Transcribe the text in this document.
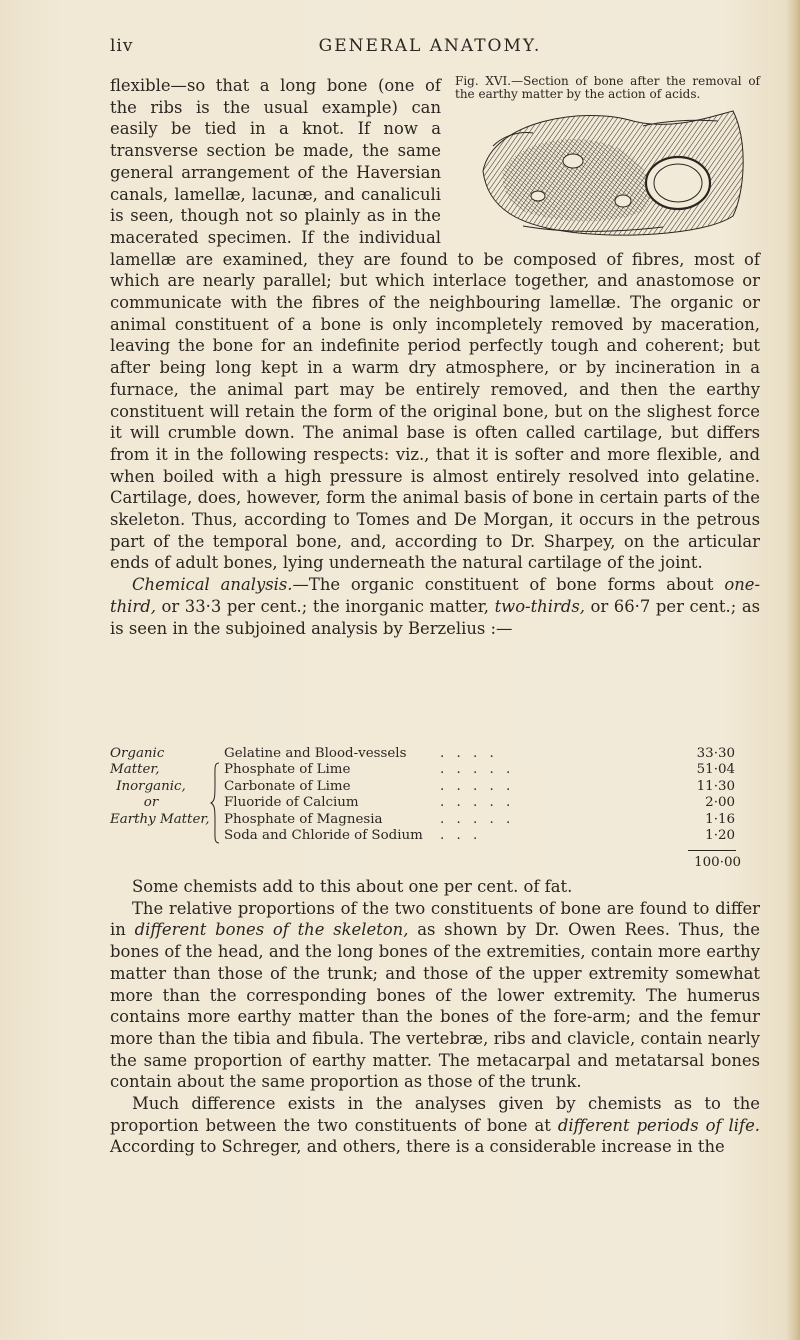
liv	GENERAL ANATOMY.

Fig. XVI.—Section of bone after the removal of the earthy matter by the action of acids.

flexible—so that a long bone (one of the ribs is the usual example) can easily be tied in a knot. If now a transverse section be made, the same general arrangement of the Haversian canals, lamellæ, lacunæ, and canaliculi is seen, though not so plainly as in the macerated specimen. If the individual lamellæ are examined, they are found to be composed of fibres, most of which are nearly parallel; but which interlace together, and anastomose or communicate with the fibres of the neighbouring lamellæ. The organic or animal constituent of a bone is only incompletely removed by maceration, leaving the bone for an indefinite period perfectly tough and coherent; but after being long kept in a warm dry atmosphere, or by incineration in a furnace, the animal part may be entirely removed, and then the earthy constituent will retain the form of the original bone, but on the slighest force it will crumble down. The animal base is often called cartilage, but differs from it in the following respects: viz., that it is softer and more flexible, and when boiled with a high pressure is almost entirely resolved into gelatine. Cartilage, does, however, form the animal basis of bone in certain parts of the skeleton. Thus, according to Tomes and De Morgan, it occurs in the petrous part of the temporal bone, and, according to Dr. Sharpey, on the articular ends of adult bones, lying underneath the natural cartilage of the joint.

Chemical analysis.—The organic constituent of bone forms about one-third, or 33·3 per cent.; the inorganic matter, two-thirds, or 66·7 per cent.; as is seen in the subjoined analysis by Berzelius :—

Organic Matter,
Gelatine and Blood-vessels	. . . .	33·30
Phosphate of Lime	. . . . .	51·04
Inorganic,	Carbonate of Lime	. . . . .	11·30
or	Fluoride of Calcium	. . . . .	2·00
Earthy Matter, Phosphate of Magnesia	. . . . .	1·16
Soda and Chloride of Sodium . . .	1·20
100·00

Some chemists add to this about one per cent. of fat.

The relative proportions of the two constituents of bone are found to differ in different bones of the skeleton, as shown by Dr. Owen Rees. Thus, the bones of the head, and the long bones of the extremities, contain more earthy matter than those of the trunk; and those of the upper extremity somewhat more than the corresponding bones of the lower extremity. The humerus contains more earthy matter than the bones of the fore-arm; and the femur more than the tibia and fibula. The vertebræ, ribs and clavicle, contain nearly the same proportion of earthy matter. The metacarpal and metatarsal bones contain about the same proportion as those of the trunk.

Much difference exists in the analyses given by chemists as to the proportion between the two constituents of bone at different periods of life. According to Schreger, and others, there is a considerable increase in the
